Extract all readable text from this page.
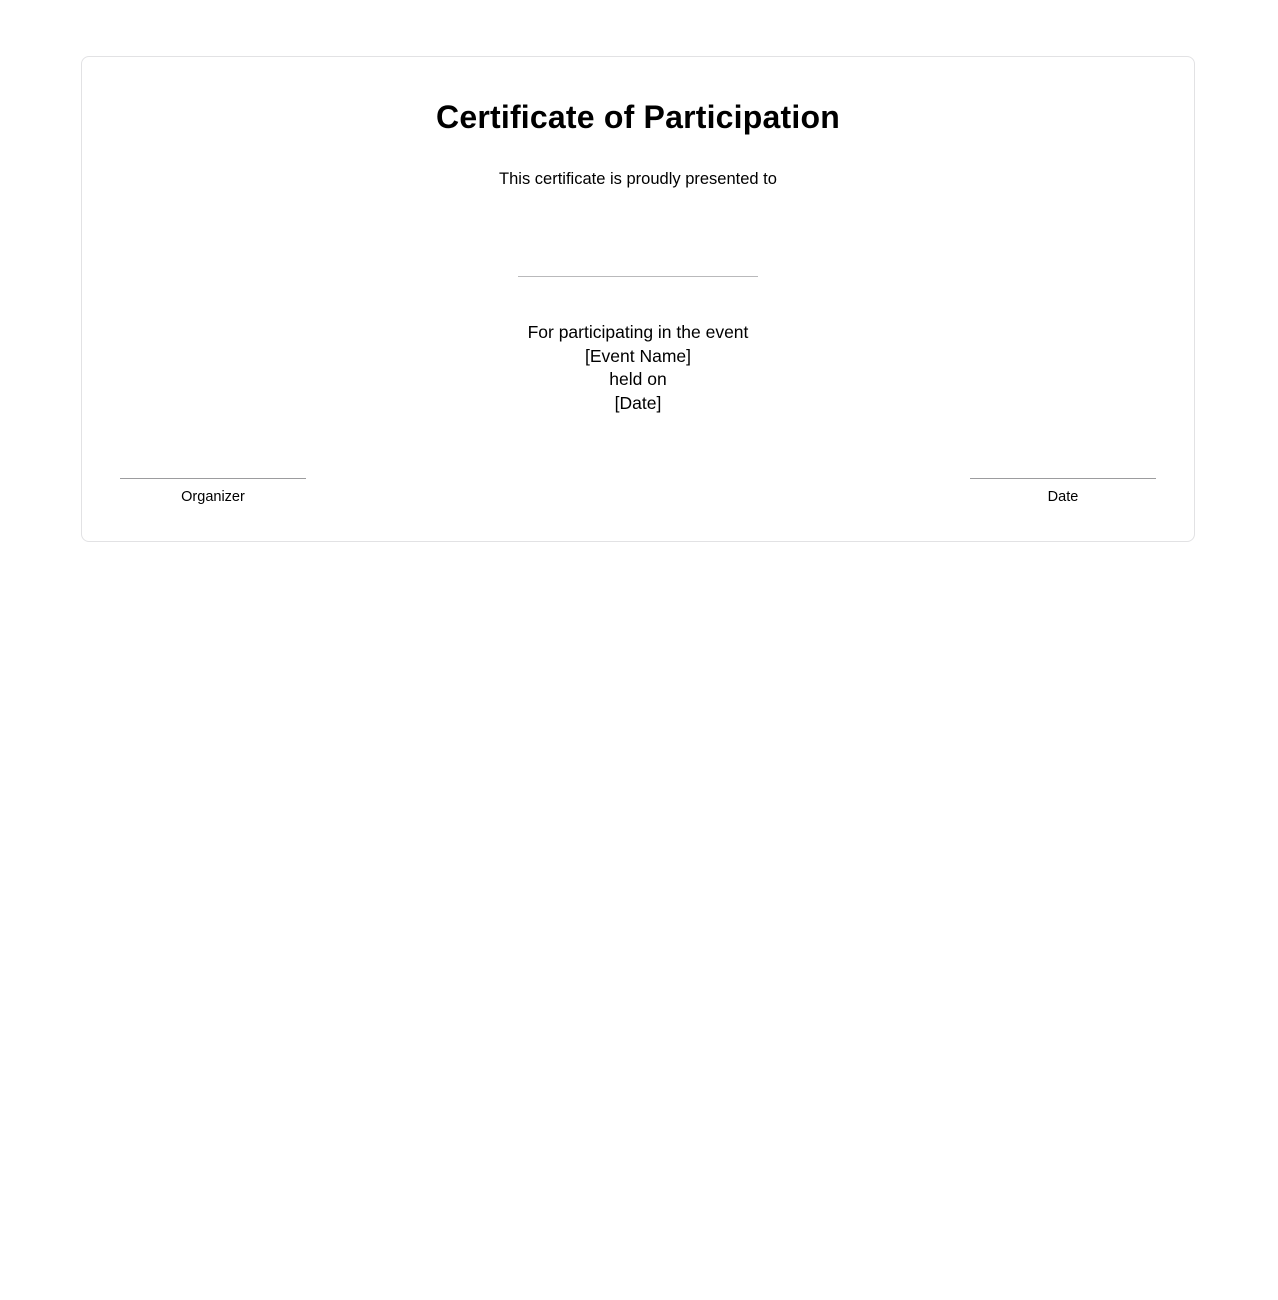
Certificate of Participation
This certificate is proudly presented to
For participating in the event
[Event Name]
held on
[Date]
Organizer	Date
